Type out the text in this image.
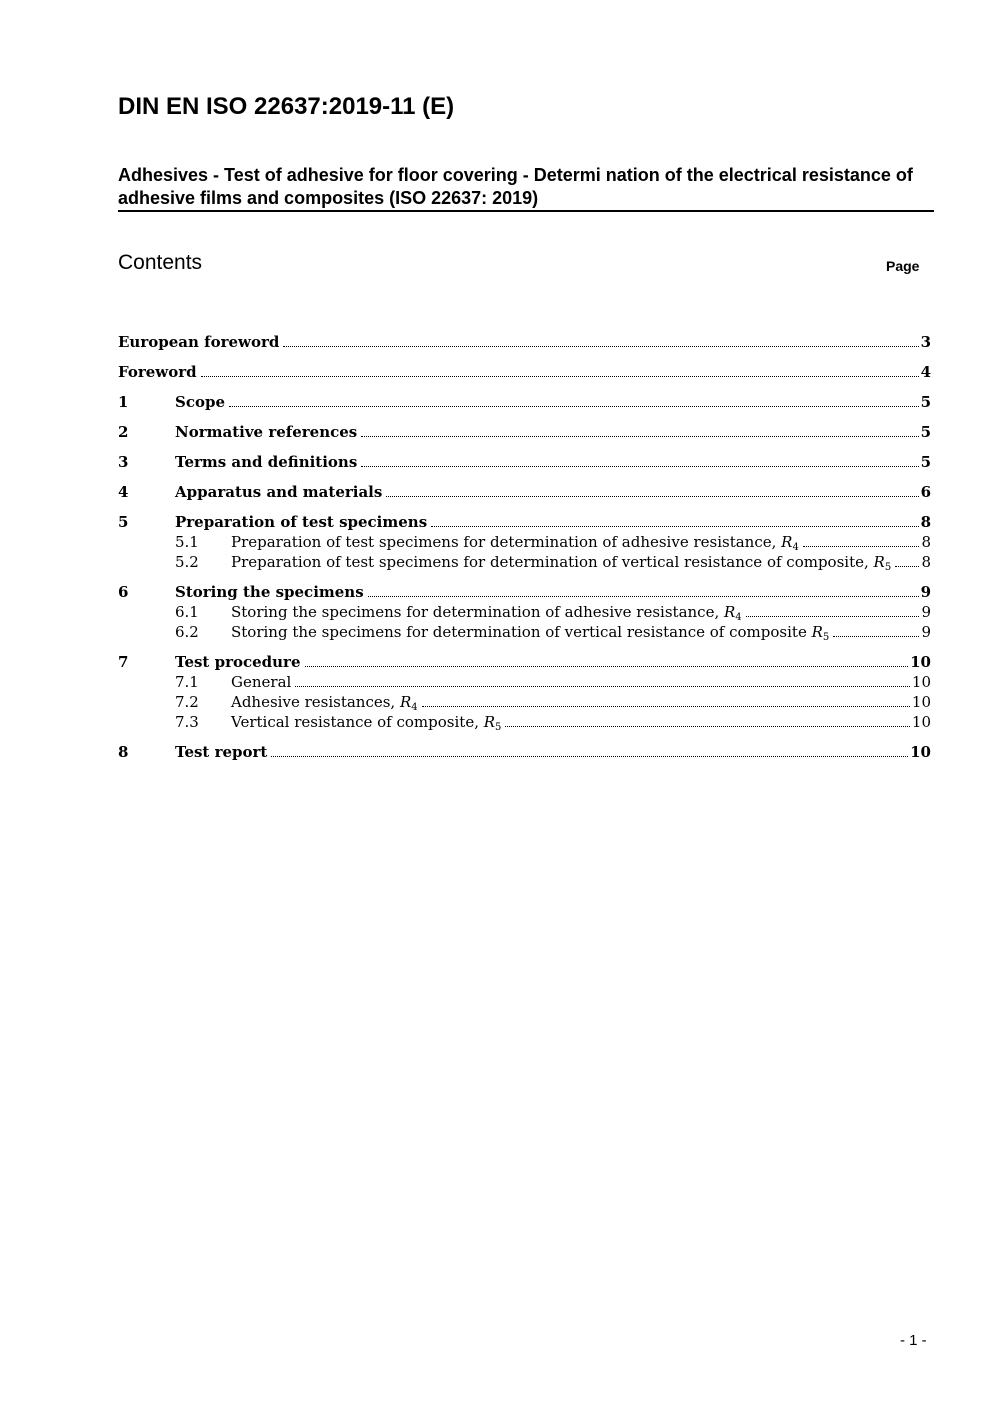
DIN EN ISO 22637:2019-11 (E)
Adhesives - Test of adhesive for floor covering - Determi nation of the electrical resistance of adhesive films and composites (ISO 22637: 2019)
Contents	Page
European foreword	3
Foreword	4
1	Scope	5
2	Normative references	5
3	Terms and definitions	5
4	Apparatus and materials	6
5	Preparation of test specimens	8
5.1	Preparation of test specimens for determination of adhesive resistance, $R_4$	8
5.2	Preparation of test specimens for determination of vertical resistance of composite, $R_5$ 8
6	Storing the specimens	9
6.1	Storing the specimens for determination of adhesive resistance, $R_4$	9
6.2	Storing the specimens for determination of vertical resistance of composite $R_5$	9
7	Test procedure	10
7.1	General	10
7.2	Adhesive resistances, $R_4$	10
7.3	Vertical resistance of composite, $R_5$	10
8	Test report	10
- 1 -
